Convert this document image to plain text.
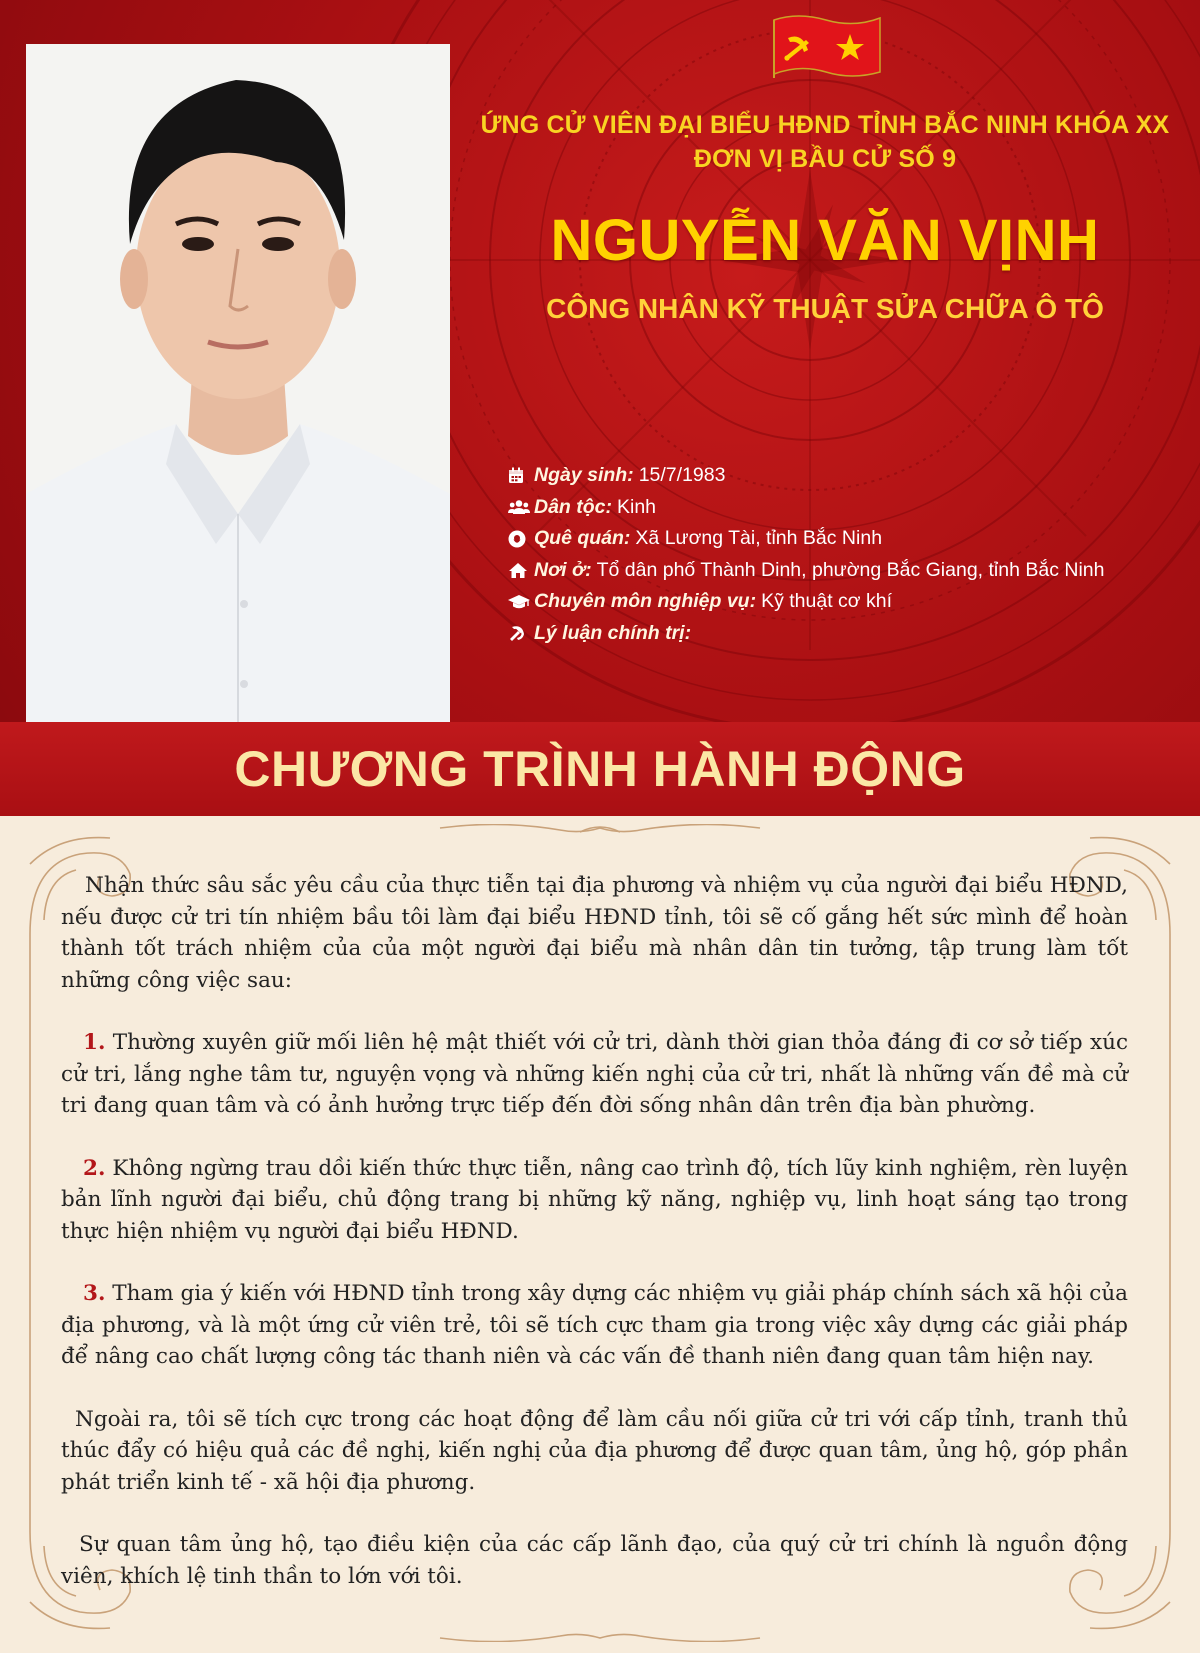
ỨNG CỬ VIÊN ĐẠI BIỂU HĐND TỈNH BẮC NINH KHÓA XX
ĐƠN VỊ BẦU CỬ SỐ 9
NGUYỄN VĂN VỊNH
CÔNG NHÂN KỸ THUẬT SỬA CHỮA Ô TÔ
Ngày sinh: 15/7/1983
Dân tộc: Kinh
Quê quán: Xã Lương Tài, tỉnh Bắc Ninh
Nơi ở: Tổ dân phố Thành Dinh, phường Bắc Giang, tỉnh Bắc Ninh
Chuyên môn nghiệp vụ: Kỹ thuật cơ khí
Lý luận chính trị:
CHƯƠNG TRÌNH HÀNH ĐỘNG

Nhận thức sâu sắc yêu cầu của thực tiễn tại địa phương và nhiệm vụ của người đại biểu HĐND, nếu được cử tri tín nhiệm bầu tôi làm đại biểu HĐND tỉnh, tôi sẽ cố gắng hết sức mình để hoàn thành tốt trách nhiệm của của một người đại biểu mà nhân dân tin tưởng, tập trung làm tốt những công việc sau:

1. Thường xuyên giữ mối liên hệ mật thiết với cử tri, dành thời gian thỏa đáng đi cơ sở tiếp xúc cử tri, lắng nghe tâm tư, nguyện vọng và những kiến nghị của cử tri, nhất là những vấn đề mà cử tri đang quan tâm và có ảnh hưởng trực tiếp đến đời sống nhân dân trên địa bàn phường.

2. Không ngừng trau dồi kiến thức thực tiễn, nâng cao trình độ, tích lũy kinh nghiệm, rèn luyện bản lĩnh người đại biểu, chủ động trang bị những kỹ năng, nghiệp vụ, linh hoạt sáng tạo trong thực hiện nhiệm vụ người đại biểu HĐND.

3. Tham gia ý kiến với HĐND tỉnh trong xây dựng các nhiệm vụ giải pháp chính sách xã hội của địa phương, và là một ứng cử viên trẻ, tôi sẽ tích cực tham gia trong việc xây dựng các giải pháp để nâng cao chất lượng công tác thanh niên và các vấn đề thanh niên đang quan tâm hiện nay.

Ngoài ra, tôi sẽ tích cực trong các hoạt động để làm cầu nối giữa cử tri với cấp tỉnh, tranh thủ thúc đẩy có hiệu quả các đề nghị, kiến nghị của địa phương để được quan tâm, ủng hộ, góp phần phát triển kinh tế - xã hội địa phương.

Sự quan tâm ủng hộ, tạo điều kiện của các cấp lãnh đạo, của quý cử tri chính là nguồn động viên, khích lệ tinh thần to lớn với tôi.
